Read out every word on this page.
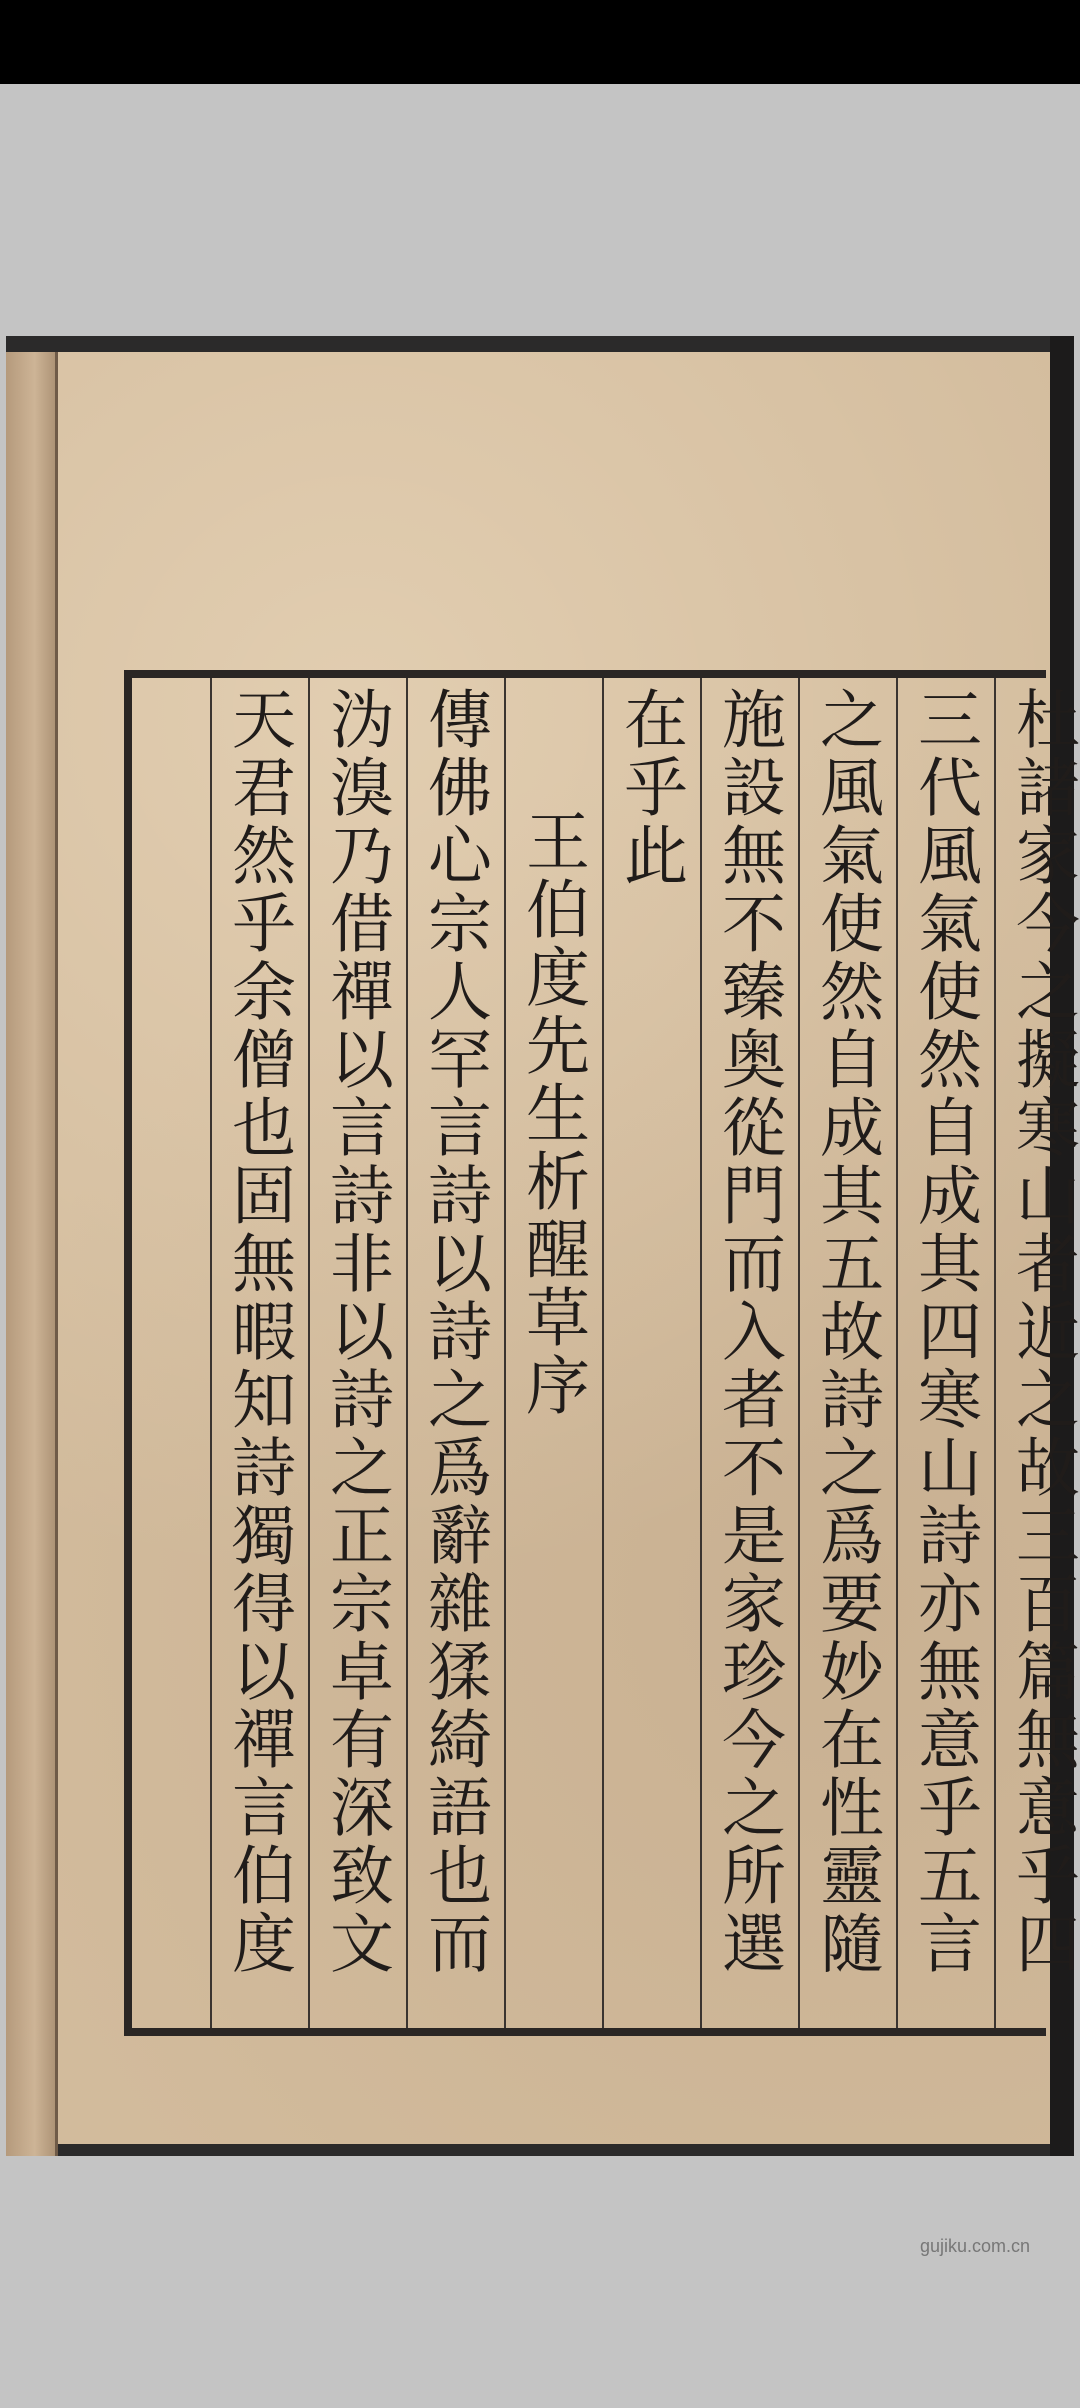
杜諸家今之擬寒山者近之故三百篇無意乎四
三代風氣使然自成其四寒山詩亦無意乎五言
之風氣使然自成其五故詩之爲要妙在性靈隨
施設無不臻奥從門而入者不是家珍今之所選
在乎此
王伯度先生析醒草序
傳佛心宗人罕言詩以詩之爲辭雜猱綺語也而
沩溴乃借禪以言詩非以詩之正宗卓有深致文
天君然乎余僧也固無暇知詩獨得以禪言伯度
gujiku.com.cn
